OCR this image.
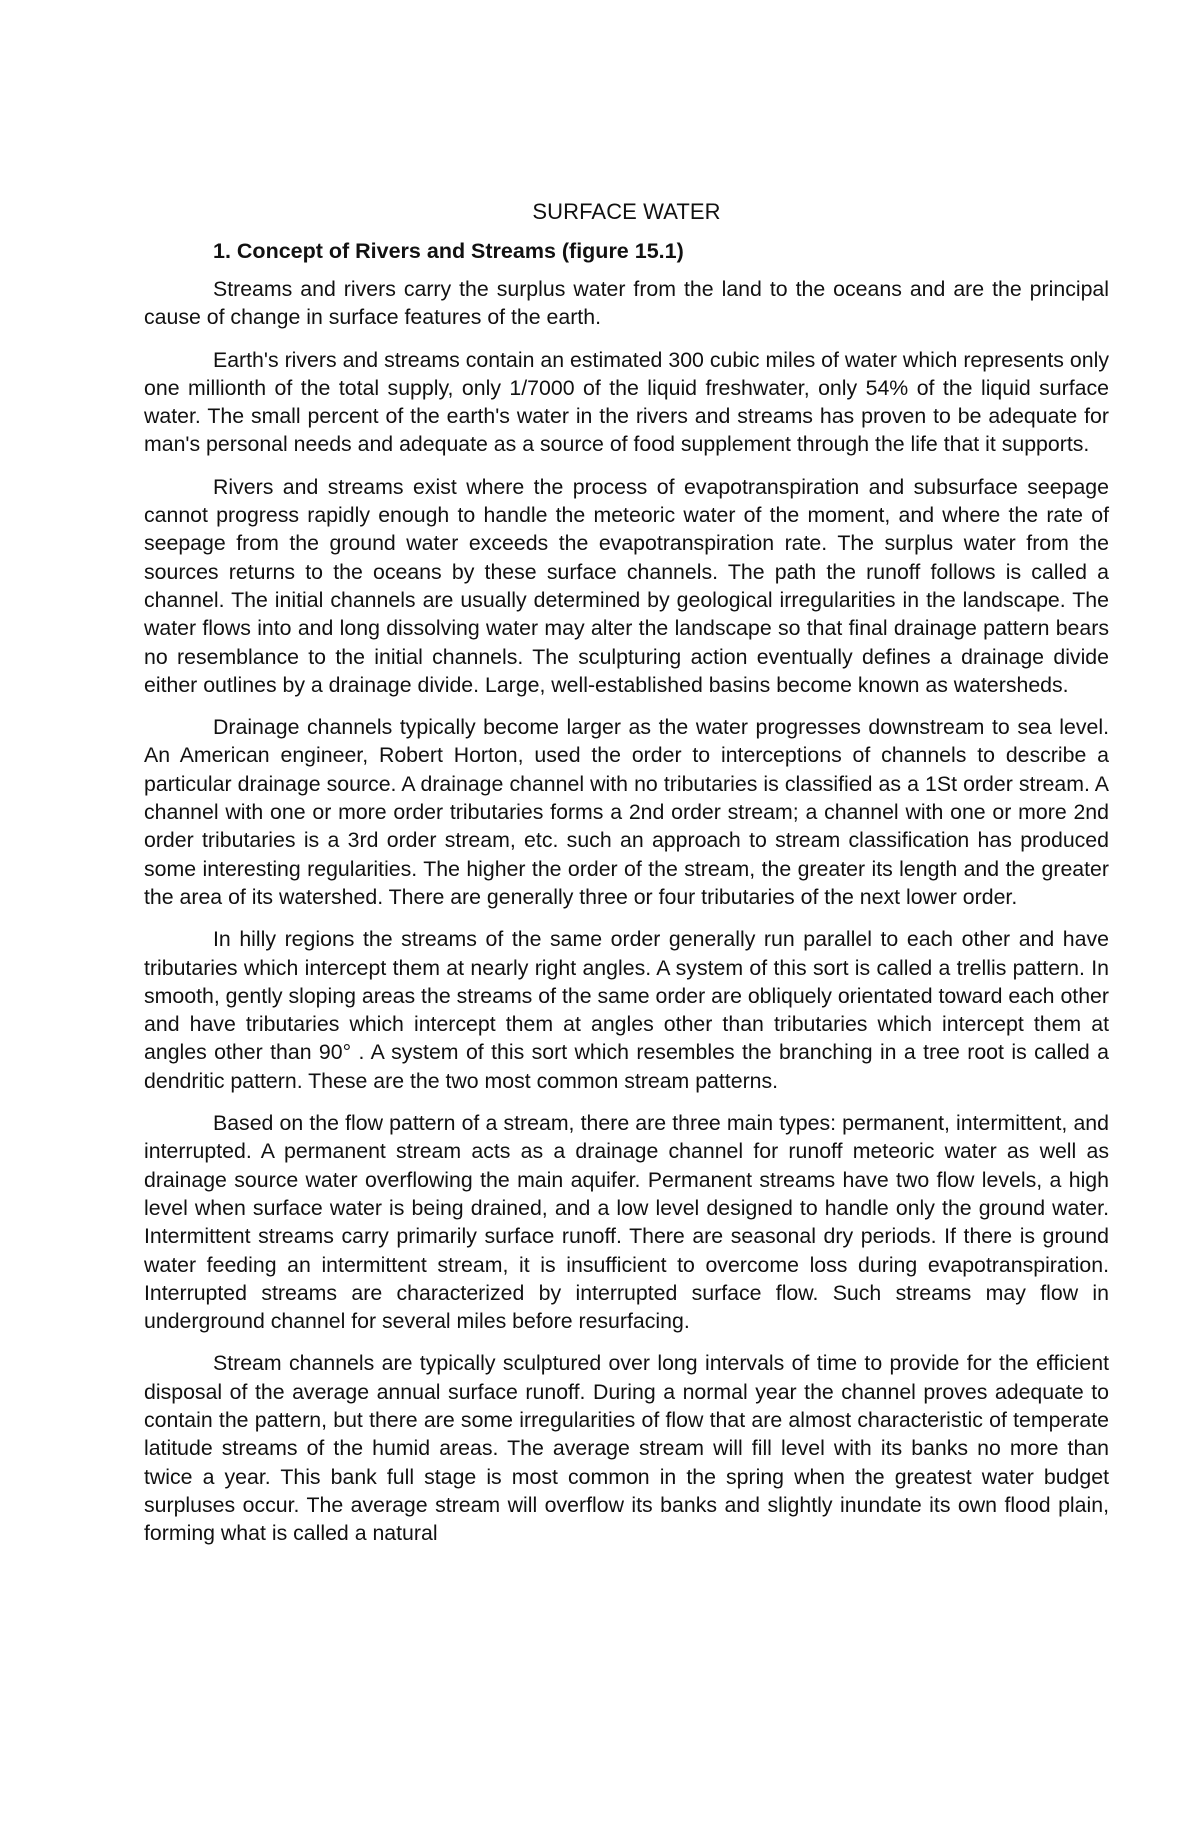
SURFACE WATER
1. Concept of Rivers and Streams (figure 15.1)

Streams and rivers carry the surplus water from the land to the oceans and are the principal cause of change in surface features of the earth.

Earth's rivers and streams contain an estimated 300 cubic miles of water which represents only one millionth of the total supply, only 1/7000 of the liquid freshwater, only 54% of the liquid surface water. The small percent of the earth's water in the rivers and streams has proven to be adequate for man's personal needs and adequate as a source of food supplement through the life that it supports.

Rivers and streams exist where the process of evapotranspiration and subsurface seepage cannot progress rapidly enough to handle the meteoric water of the moment, and where the rate of seepage from the ground water exceeds the evapotranspiration rate. The surplus water from the sources returns to the oceans by these surface channels. The path the runoff follows is called a channel. The initial channels are usually determined by geological irregularities in the landscape. The water flows into and long dissolving water may alter the landscape so that final drainage pattern bears no resemblance to the initial channels. The sculpturing action eventually defines a drainage divide either outlines by a drainage divide. Large, well-established basins become known as watersheds.

Drainage channels typically become larger as the water progresses downstream to sea level. An American engineer, Robert Horton, used the order to interceptions of channels to describe a particular drainage source. A drainage channel with no tributaries is classified as a 1St order stream. A channel with one or more order tributaries forms a 2nd order stream; a channel with one or more 2nd order tributaries is a 3rd order stream, etc. such an approach to stream classification has produced some interesting regularities. The higher the order of the stream, the greater its length and the greater the area of its watershed. There are generally three or four tributaries of the next lower order.

In hilly regions the streams of the same order generally run parallel to each other and have tributaries which intercept them at nearly right angles. A system of this sort is called a trellis pattern. In smooth, gently sloping areas the streams of the same order are obliquely orientated toward each other and have tributaries which intercept them at angles other than tributaries which intercept them at angles other than 90° . A system of this sort which resembles the branching in a tree root is called a dendritic pattern. These are the two most common stream patterns.

Based on the flow pattern of a stream, there are three main types: permanent, intermittent, and interrupted. A permanent stream acts as a drainage channel for runoff meteoric water as well as drainage source water overflowing the main aquifer. Permanent streams have two flow levels, a high level when surface water is being drained, and a low level designed to handle only the ground water. Intermittent streams carry primarily surface runoff. There are seasonal dry periods. If there is ground water feeding an intermittent stream, it is insufficient to overcome loss during evapotranspiration. Interrupted streams are characterized by interrupted surface flow. Such streams may flow in underground channel for several miles before resurfacing.

Stream channels are typically sculptured over long intervals of time to provide for the efficient disposal of the average annual surface runoff. During a normal year the channel proves adequate to contain the pattern, but there are some irregularities of flow that are almost characteristic of temperate latitude streams of the humid areas. The average stream will fill level with its banks no more than twice a year. This bank full stage is most common in the spring when the greatest water budget surpluses occur. The average stream will overflow its banks and slightly inundate its own flood plain, forming what is called a natural
